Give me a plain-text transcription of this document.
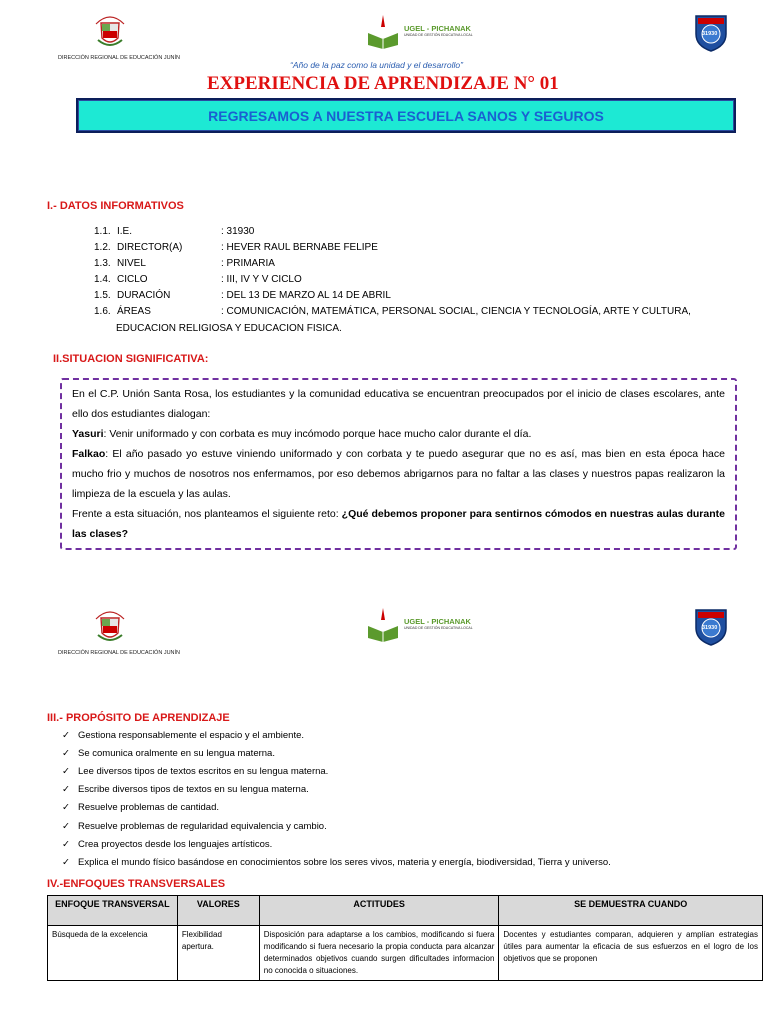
DIRECCIÓN REGIONAL DE EDUCACIÓN JUNÍN
UGEL - PICHANAK
UNIDAD DE GESTIÓN EDUCATIVA LOCAL	31930
“Año de la paz como la unidad y el desarrollo”
EXPERIENCIA DE APRENDIZAJE N° 01
REGRESAMOS A NUESTRA ESCUELA SANOS Y SEGUROS
I.- DATOS INFORMATIVOS
1.1. I.E.	: 31930
1.2. DIRECTOR(A)	: HEVER RAUL BERNABE FELIPE
1.3. NIVEL	: PRIMARIA
1.4. CICLO	: III, IV Y V CICLO
1.5. DURACIÓN	: DEL 13 DE MARZO AL 14 DE ABRIL
1.6. ÁREAS	: COMUNICACIÓN, MATEMÁTICA, PERSONAL SOCIAL, CIENCIA Y TECNOLOGÍA, ARTE Y CULTURA,
EDUCACION RELIGIOSA Y EDUCACION FISICA.
II.SITUACION SIGNIFICATIVA:

En el C.P. Unión Santa Rosa, los estudiantes y la comunidad educativa se encuentran preocupados por el inicio de clases escolares, ante ello dos estudiantes dialogan:
Yasuri: Venir uniformado y con corbata es muy incómodo porque hace mucho calor durante el día.
Falkao: El año pasado yo estuve viniendo uniformado y con corbata y te puedo asegurar que no es así, mas bien en esta época hace mucho frio y muchos de nosotros nos enfermamos, por eso debemos abrigarnos para no faltar a las clases y nuestros papas realizaron la limpieza de la escuela y las aulas.
Frente a esta situación, nos planteamos el siguiente reto: ¿Qué debemos proponer para sentirnos cómodos en nuestras aulas durante las clases?

DIRECCIÓN REGIONAL DE EDUCACIÓN JUNÍN
UGEL - PICHANAK
UNIDAD DE GESTIÓN EDUCATIVA LOCAL	31930
III.- PROPÓSITO DE APRENDIZAJE
✓ Gestiona responsablemente el espacio y el ambiente.
✓ Se comunica oralmente en su lengua materna.
✓ Lee diversos tipos de textos escritos en su lengua materna.
✓ Escribe diversos tipos de textos en su lengua materna.
✓ Resuelve problemas de cantidad.
✓ Resuelve problemas de regularidad equivalencia y cambio.
✓ Crea proyectos desde los lenguajes artísticos.
✓ Explica el mundo físico basándose en conocimientos sobre los seres vivos, materia y energía, biodiversidad, Tierra y universo.
IV.-ENFOQUES TRANSVERSALES
ENFOQUE TRANSVERSAL	VALORES	ACTITUDES	SE DEMUESTRA CUANDO
Búsqueda de la excelencia	Flexibilidad apertura.	Disposición para adaptarse a los cambios, modificando si fuera modificando si fuera necesario la propia conducta para alcanzar determinados objetivos cuando surgen dificultades informacion no conocida o situaciones.	Docentes y estudiantes comparan, adquieren y amplían estrategias útiles para aumentar la eficacia de sus esfuerzos en el logro de los objetivos que se proponen
